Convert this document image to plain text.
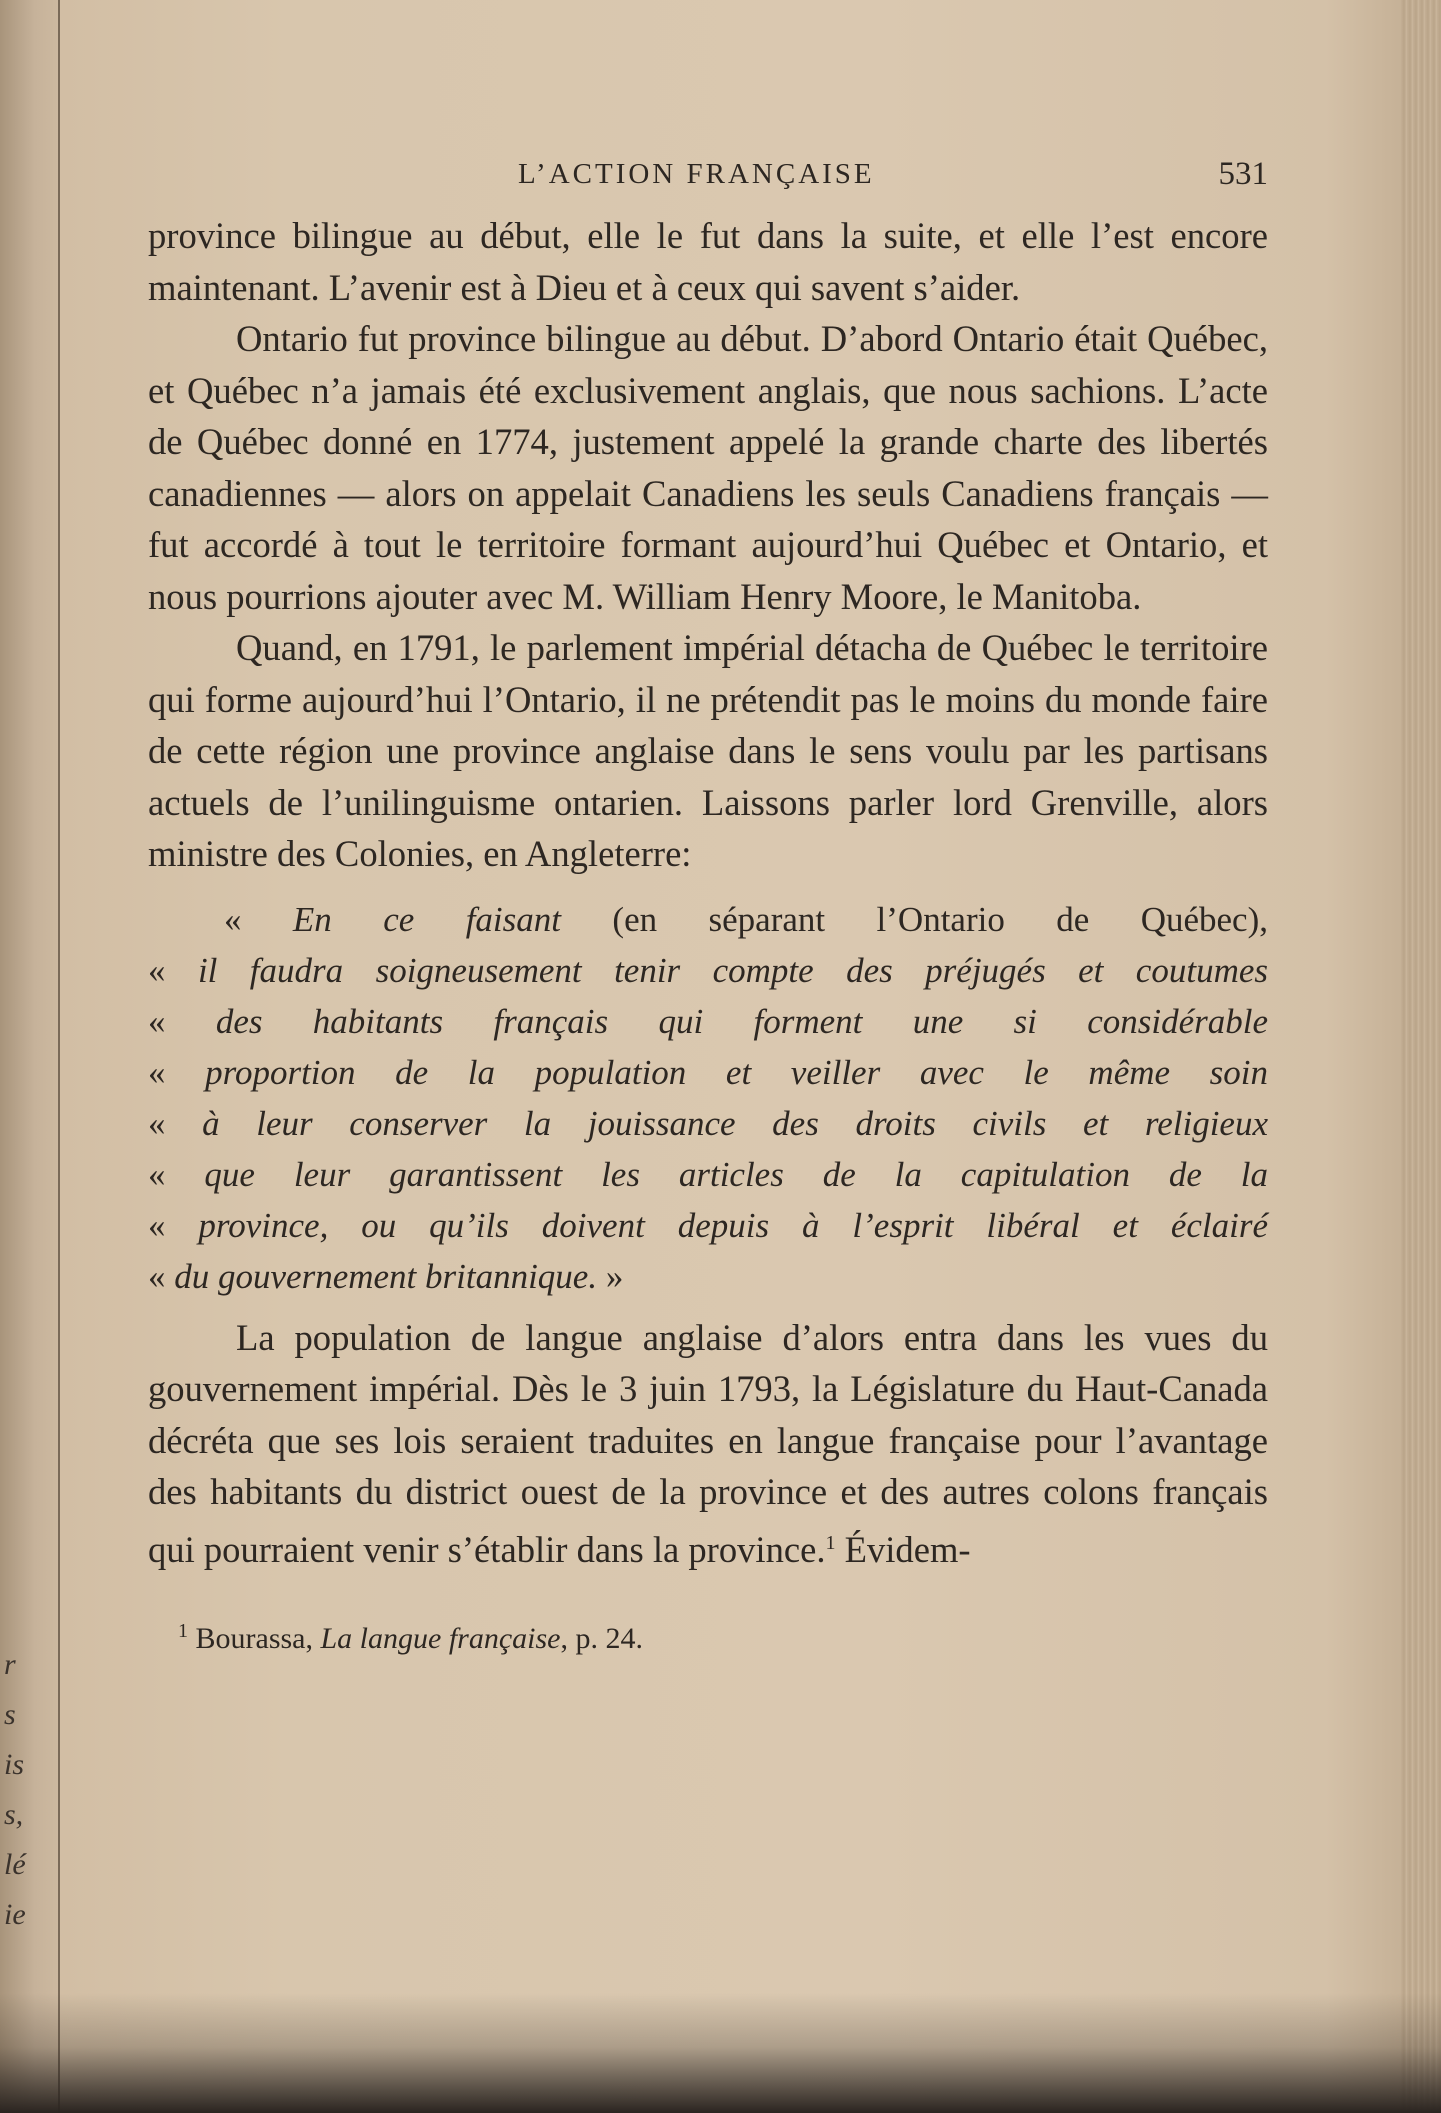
r
s
is
s,
lé
ie
L’ACTION FRANÇAISE	531

province bilingue au début, elle le fut dans la suite, et elle l’est encore maintenant. L’avenir est à Dieu et à ceux qui savent s’aider.

Ontario fut province bilingue au début. D’abord Ontario était Québec, et Québec n’a jamais été exclusivement anglais, que nous sachions. L’acte de Québec donné en 1774, justement appelé la grande charte des libertés canadiennes — alors on appelait Canadiens les seuls Canadiens français — fut accordé à tout le territoire formant aujourd’hui Québec et Ontario, et nous pourrions ajouter avec M. William Henry Moore, le Manitoba.

Quand, en 1791, le parlement impérial détacha de Québec le territoire qui forme aujourd’hui l’Ontario, il ne prétendit pas le moins du monde faire de cette région une province anglaise dans le sens voulu par les partisans actuels de l’unilinguisme ontarien. Laissons parler lord Grenville, alors ministre des Colonies, en Angleterre:

« En ce faisant (en séparant l’Ontario de Québec),
« il faudra soigneusement tenir compte des préjugés et coutumes
« des habitants français qui forment une si considérable
« proportion de la population et veiller avec le même soin
« à leur conserver la jouissance des droits civils et religieux
« que leur garantissent les articles de la capitulation de la
« province, ou qu’ils doivent depuis à l’esprit libéral et éclairé
« du gouvernement britannique. »

La population de langue anglaise d’alors entra dans les vues du gouvernement impérial. Dès le 3 juin 1793, la Législature du Haut-Canada décréta que ses lois seraient traduites en langue française pour l’avantage des habitants du district ouest de la province et des autres colons français qui pourraient venir s’établir dans la province.$^1$ Évidem-

$^1$ Bourassa, La langue française, p. 24.
